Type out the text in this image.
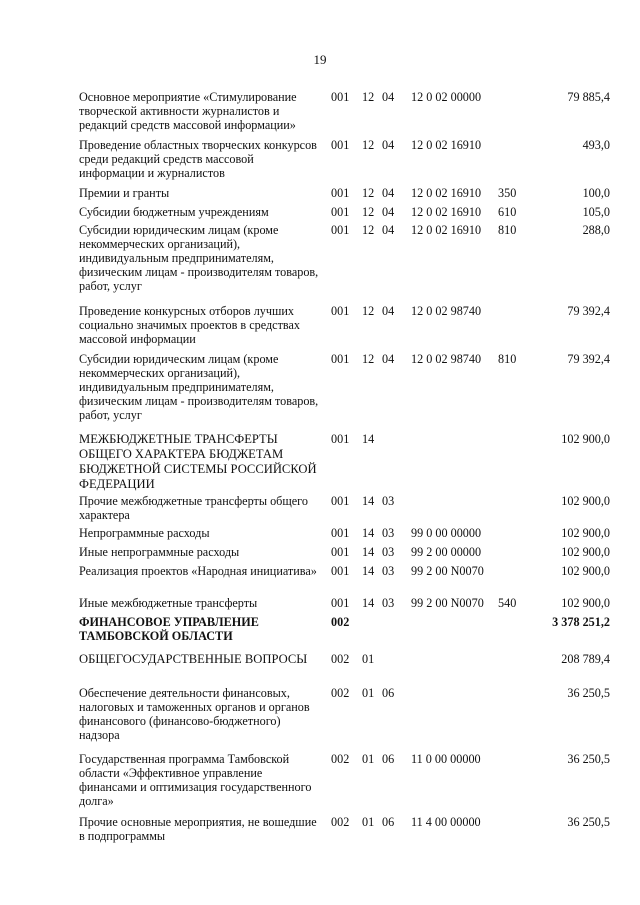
19
Основное мероприятие «Стимулирование творческой активности журналистов и редакций средств массовой информации»
001 12 04 12 0 02 00000	79 885,4
Проведение областных творческих конкурсов среди редакций средств массовой информации и журналистов
001 12 04 12 0 02 16910	493,0
Премии и гранты	001 12 04 12 0 02 16910 350	100,0
Субсидии бюджетным учреждениям	001 12 04 12 0 02 16910 610	105,0
Субсидии юридическим лицам (кроме некоммерческих организаций), индивидуальным предпринимателям, физическим лицам - производителям товаров, работ, услуг
001 12 04 12 0 02 16910 810	288,0
Проведение конкурсных отборов лучших социально значимых проектов в средствах массовой информации
001 12 04 12 0 02 98740	79 392,4
Субсидии юридическим лицам (кроме некоммерческих организаций), индивидуальным предпринимателям, физическим лицам - производителям товаров, работ, услуг
001 12 04 12 0 02 98740 810	79 392,4
МЕЖБЮДЖЕТНЫЕ ТРАНСФЕРТЫ ОБЩЕГО ХАРАКТЕРА БЮДЖЕТАМ БЮДЖЕТНОЙ СИСТЕМЫ РОССИЙСКОЙ ФЕДЕРАЦИИ
001 14	102 900,0
Прочие межбюджетные трансферты общего характера
001 14 03	102 900,0
Непрограммные расходы	001 14 03 99 0 00 00000	102 900,0
Иные непрограммные расходы	001 14 03 99 2 00 00000	102 900,0
Реализация проектов «Народная инициатива» 001 14 03 99 2 00 N0070	102 900,0
Иные межбюджетные трансферты	001 14 03 99 2 00 N0070 540	102 900,0
ФИНАНСОВОЕ УПРАВЛЕНИЕ ТАМБОВСКОЙ ОБЛАСТИ
002	3 378 251,2
ОБЩЕГОСУДАРСТВЕННЫЕ ВОПРОСЫ	002 01	208 789,4
Обеспечение деятельности финансовых, налоговых и таможенных органов и органов финансового (финансово-бюджетного) надзора
002 01 06	36 250,5
Государственная программа Тамбовской области «Эффективное управление финансами и оптимизация государственного долга»
002 01 06 11 0 00 00000	36 250,5
Прочие основные мероприятия, не вошедшие в подпрограммы
002 01 06 11 4 00 00000	36 250,5
